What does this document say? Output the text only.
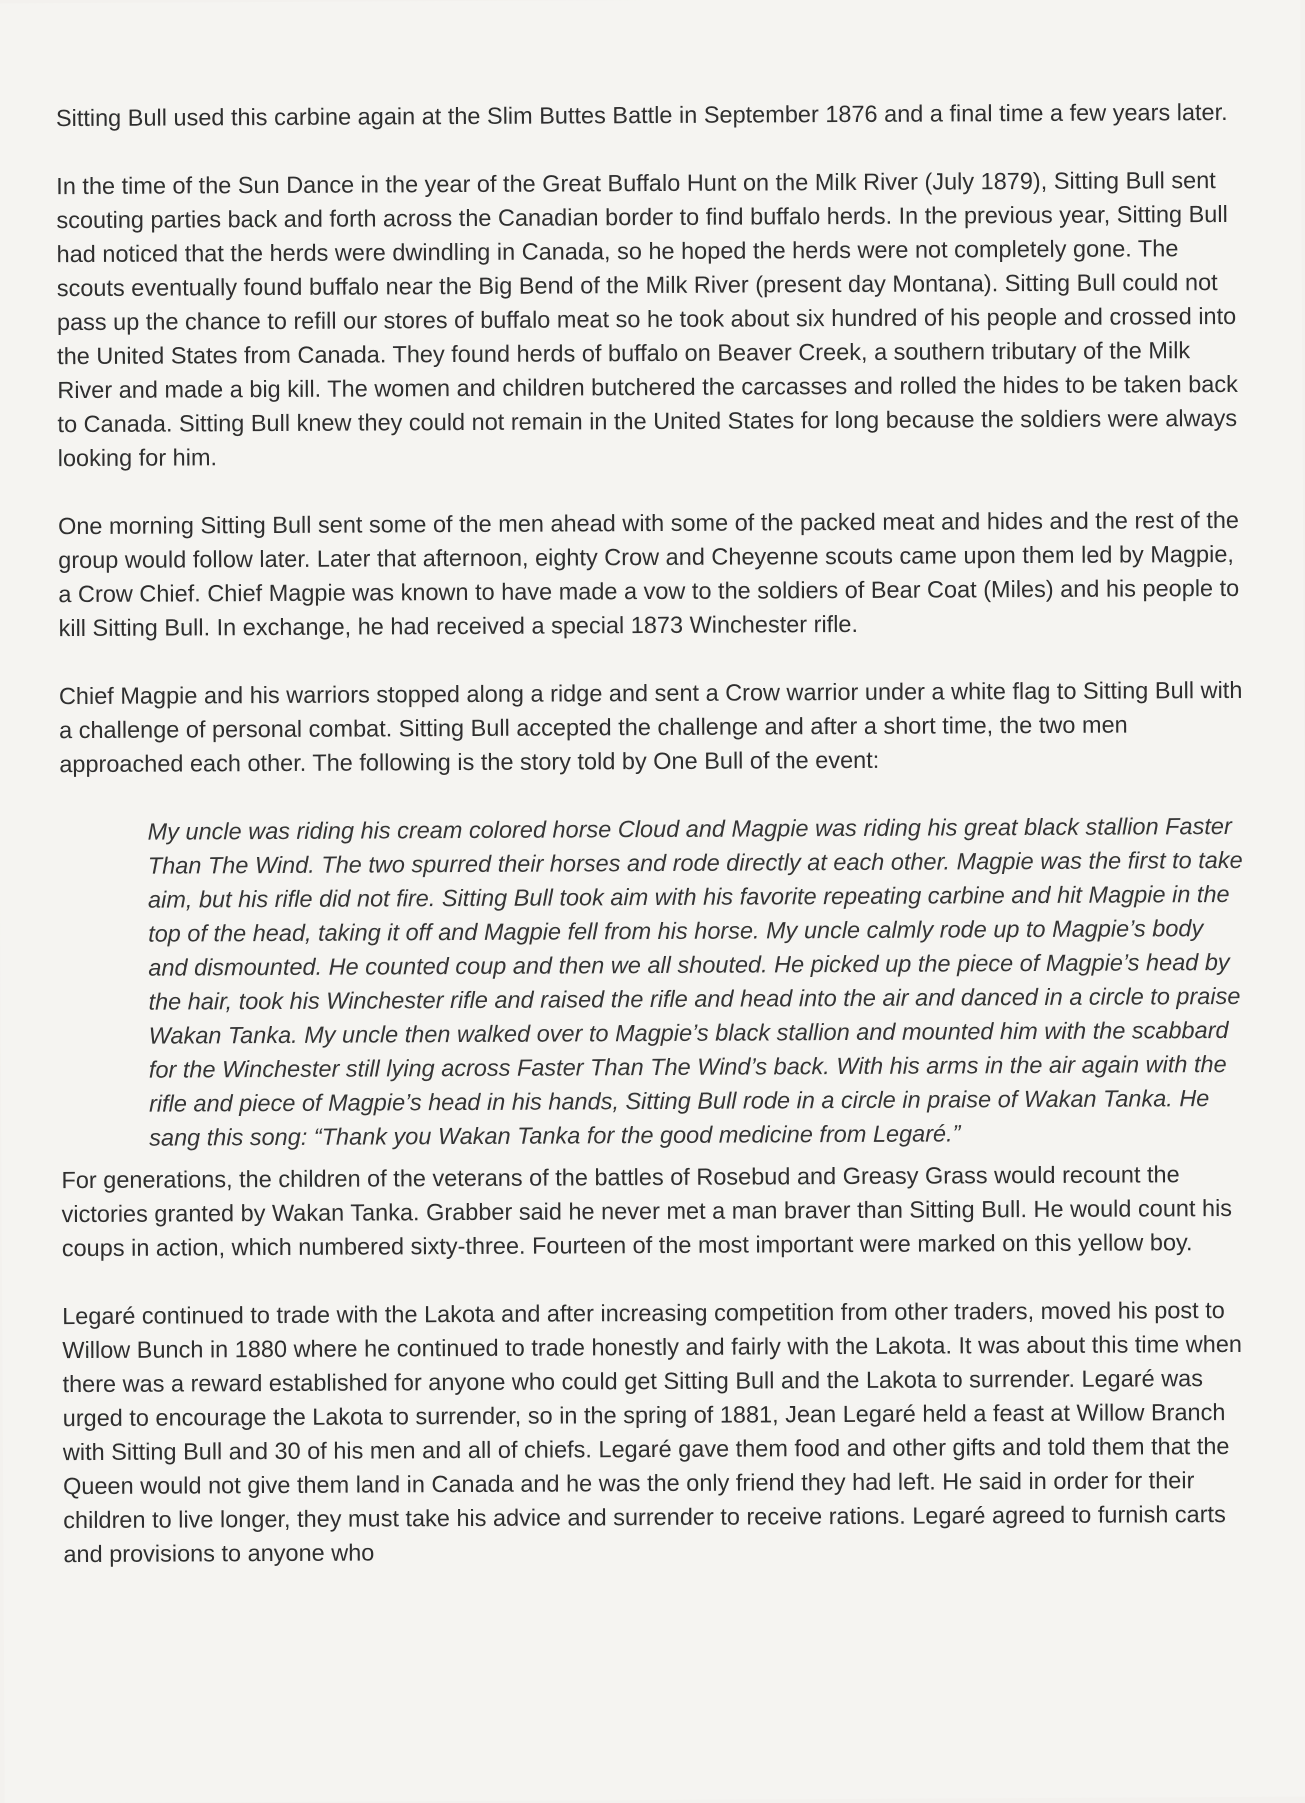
Sitting Bull used this carbine again at the Slim Buttes Battle in September 1876 and a final time a few years later.

In the time of the Sun Dance in the year of the Great Buffalo Hunt on the Milk River (July 1879), Sitting Bull sent scouting parties back and forth across the Canadian border to find buffalo herds. In the previous year, Sitting Bull had noticed that the herds were dwindling in Canada, so he hoped the herds were not completely gone. The scouts eventually found buffalo near the Big Bend of the Milk River (present day Montana). Sitting Bull could not pass up the chance to refill our stores of buffalo meat so he took about six hundred of his people and crossed into the United States from Canada. They found herds of buffalo on Beaver Creek, a southern tributary of the Milk River and made a big kill. The women and children butchered the carcasses and rolled the hides to be taken back to Canada. Sitting Bull knew they could not remain in the United States for long because the soldiers were always looking for him.

One morning Sitting Bull sent some of the men ahead with some of the packed meat and hides and the rest of the group would follow later. Later that afternoon, eighty Crow and Cheyenne scouts came upon them led by Magpie, a Crow Chief. Chief Magpie was known to have made a vow to the soldiers of Bear Coat (Miles) and his people to kill Sitting Bull. In exchange, he had received a special 1873 Winchester rifle.

Chief Magpie and his warriors stopped along a ridge and sent a Crow warrior under a white flag to Sitting Bull with a challenge of personal combat. Sitting Bull accepted the challenge and after a short time, the two men approached each other. The following is the story told by One Bull of the event:

My uncle was riding his cream colored horse Cloud and Magpie was riding his great black stallion Faster Than The Wind. The two spurred their horses and rode directly at each other. Magpie was the first to take aim, but his rifle did not fire. Sitting Bull took aim with his favorite repeating carbine and hit Magpie in the top of the head, taking it off and Magpie fell from his horse. My uncle calmly rode up to Magpie’s body and dismounted. He counted coup and then we all shouted. He picked up the piece of Magpie’s head by the hair, took his Winchester rifle and raised the rifle and head into the air and danced in a circle to praise Wakan Tanka. My uncle then walked over to Magpie’s black stallion and mounted him with the scabbard for the Winchester still lying across Faster Than The Wind’s back. With his arms in the air again with the rifle and piece of Magpie’s head in his hands, Sitting Bull rode in a circle in praise of Wakan Tanka. He sang this song: “Thank you Wakan Tanka for the good medicine from Legaré.”

For generations, the children of the veterans of the battles of Rosebud and Greasy Grass would recount the victories granted by Wakan Tanka. Grabber said he never met a man braver than Sitting Bull. He would count his coups in action, which numbered sixty-three. Fourteen of the most important were marked on this yellow boy.

Legaré continued to trade with the Lakota and after increasing competition from other traders, moved his post to Willow Bunch in 1880 where he continued to trade honestly and fairly with the Lakota. It was about this time when there was a reward established for anyone who could get Sitting Bull and the Lakota to surrender. Legaré was urged to encourage the Lakota to surrender, so in the spring of 1881, Jean Legaré held a feast at Willow Branch with Sitting Bull and 30 of his men and all of chiefs. Legaré gave them food and other gifts and told them that the Queen would not give them land in Canada and he was the only friend they had left. He said in order for their children to live longer, they must take his advice and surrender to receive rations. Legaré agreed to furnish carts and provisions to anyone who
